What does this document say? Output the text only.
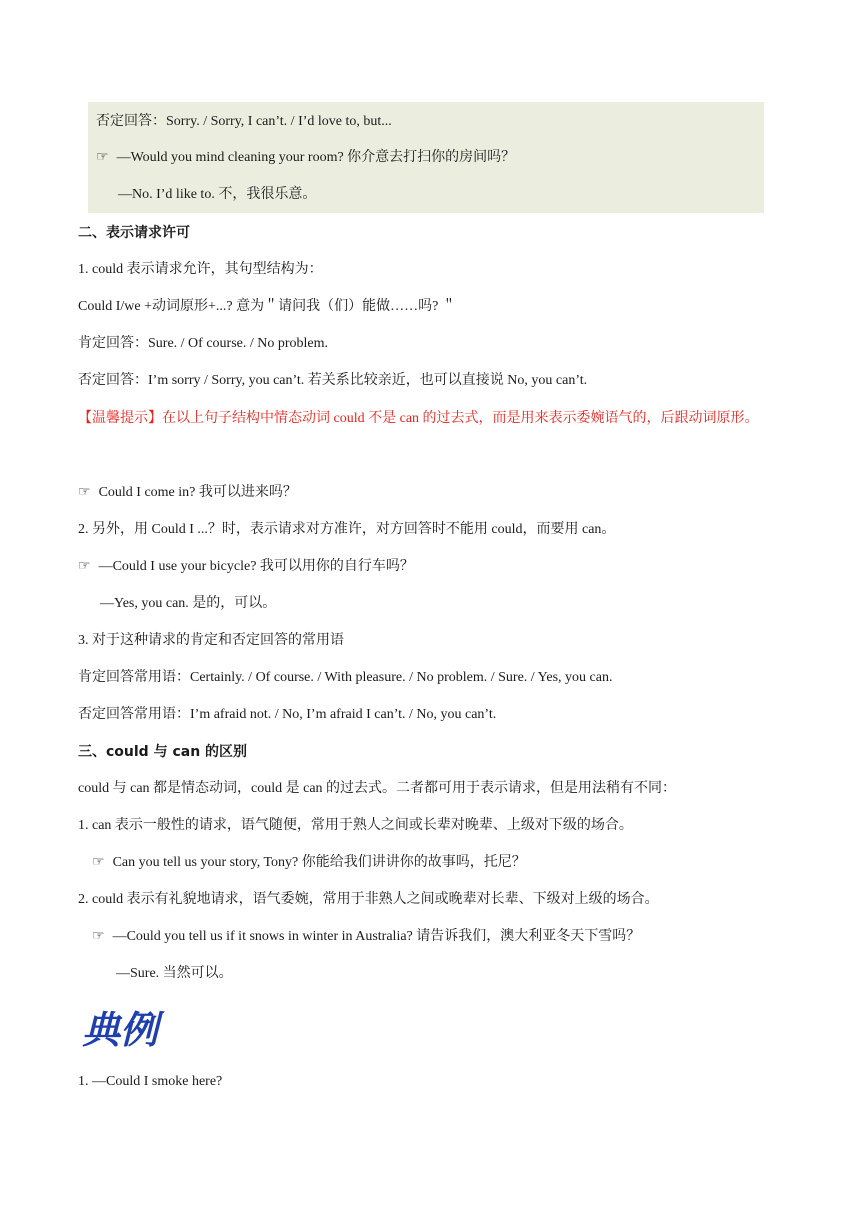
否定回答：Sorry. / Sorry, I can’t. / I’d love to, but...
☞ —Would you mind cleaning your room? 你介意去打扫你的房间吗？
—No. I’d like to. 不，我很乐意。
二、表示请求许可
1. could 表示请求允许，其句型结构为：
Could I/we +动词原形+...? 意为＂请问我（们）能做……吗? ＂
肯定回答：Sure. / Of course. / No problem.
否定回答：I’m sorry / Sorry, you can’t. 若关系比较亲近，也可以直接说 No, you can’t.
【温馨提示】在以上句子结构中情态动词 could 不是 can 的过去式，而是用来表示委婉语气的，后跟动词原形。
☞ Could I come in? 我可以进来吗？
2. 另外，用 Could I ...？时，表示请求对方准许，对方回答时不能用 could，而要用 can。
☞ —Could I use your bicycle? 我可以用你的自行车吗？
—Yes, you can. 是的，可以。
3. 对于这种请求的肯定和否定回答的常用语
肯定回答常用语：Certainly. / Of course. / With pleasure. / No problem. / Sure. / Yes, you can.
否定回答常用语：I’m afraid not. / No, I’m afraid I can’t. / No, you can’t.
三、could 与 can 的区别
could 与 can 都是情态动词，could 是 can 的过去式。二者都可用于表示请求，但是用法稍有不同：
1. can 表示一般性的请求，语气随便，常用于熟人之间或长辈对晚辈、上级对下级的场合。
☞ Can you tell us your story, Tony? 你能给我们讲讲你的故事吗，托尼？
2. could 表示有礼貌地请求，语气委婉，常用于非熟人之间或晚辈对长辈、下级对上级的场合。
☞ —Could you tell us if it snows in winter in Australia? 请告诉我们，澳大利亚冬天下雪吗？
—Sure. 当然可以。
典例
1. —Could I smoke here?
